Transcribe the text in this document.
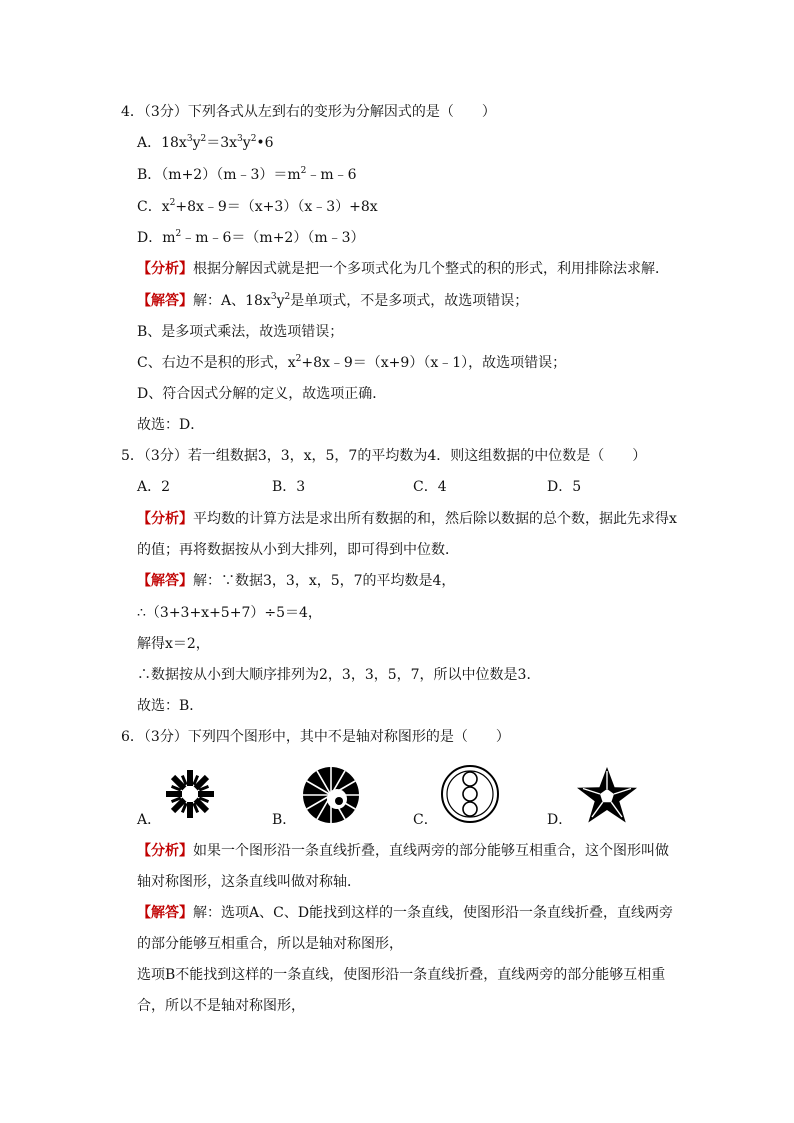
4．（3分）下列各式从左到右的变形为分解因式的是（　　）
A．$18x^3y^2=3x^3y^2•6$
B．$(m+2)(m﹣3)=m^2﹣m﹣6$
C．$x^2+8x﹣9=(x+3)(x﹣3)+8x$
D．$m^2﹣m﹣6=(m+2)(m﹣3)$
【分析】根据分解因式就是把一个多项式化为几个整式的积的形式，利用排除法求解．
【解答】解：A、$18x^3y^2$是单项式，不是多项式，故选项错误；
B、是多项式乘法，故选项错误；
C、右边不是积的形式，$x^2+8x﹣9=(x+9)(x﹣1)$，故选项错误；
D、符合因式分解的定义，故选项正确．
故选：D．
5．（3分）若一组数据3，3，x，5，7的平均数为4．则这组数据的中位数是（　　）
A．2	B．3	C．4	D．5
【分析】平均数的计算方法是求出所有数据的和，然后除以数据的总个数，据此先求得x
的值；再将数据按从小到大排列，即可得到中位数．
【解答】解：∵数据3，3，x，5，7的平均数是4，
∴（3+3+x+5+7）÷5＝4，
解得x＝2，
∴数据按从小到大顺序排列为2，3，3，5，7，所以中位数是3．
故选：B．
6．（3分）下列四个图形中，其中不是轴对称图形的是（　　）
A．	B．	C．	D．
【分析】如果一个图形沿一条直线折叠，直线两旁的部分能够互相重合，这个图形叫做
轴对称图形，这条直线叫做对称轴．
【解答】解：选项A、C、D能找到这样的一条直线，使图形沿一条直线折叠，直线两旁
的部分能够互相重合，所以是轴对称图形，
选项B不能找到这样的一条直线，使图形沿一条直线折叠，直线两旁的部分能够互相重
合，所以不是轴对称图形，
